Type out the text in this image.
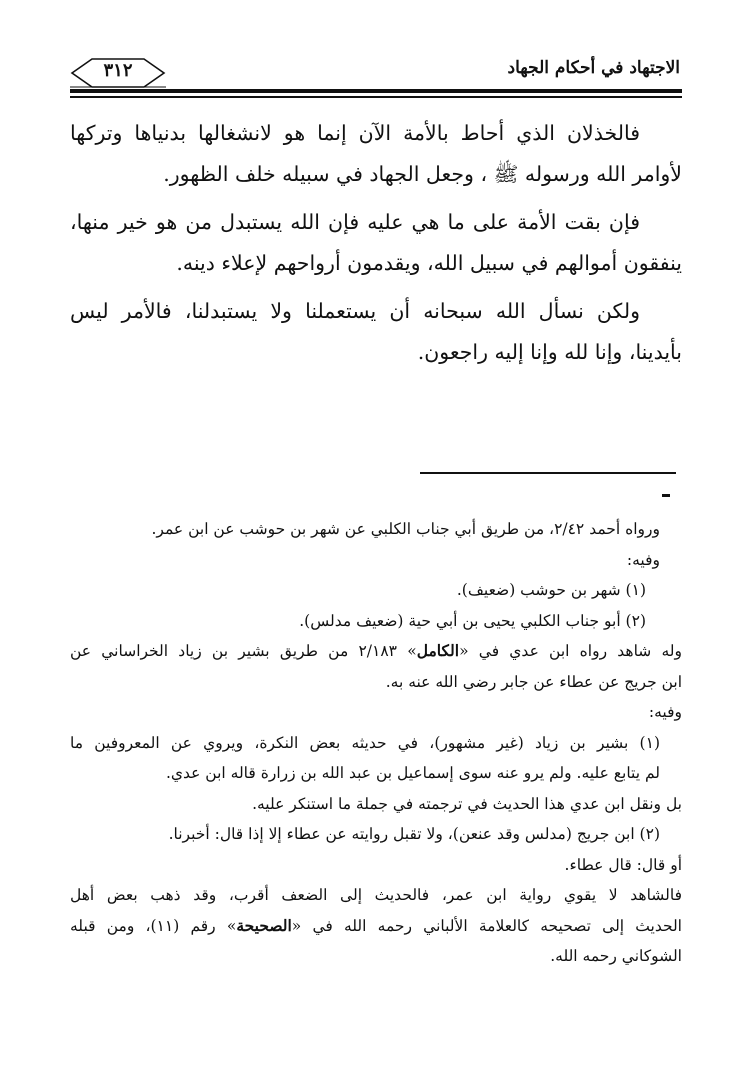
الاجتهاد في أحكام الجهاد
٣١٢

فالخذلان الذي أحاط بالأمة الآن إنما هو لانشغالها بدنياها وتركها لأوامر الله ورسوله ﷺ ، وجعل الجهاد في سبيله خلف الظهور.

فإن بقت الأمة على ما هي عليه فإن الله يستبدل من هو خير منها، ينفقون أموالهم في سبيل الله، ويقدمون أرواحهم لإعلاء دينه.

ولكن نسأل الله سبحانه أن يستعملنا ولا يستبدلنا، فالأمر ليس بأيدينا، وإنا لله وإنا إليه راجعون.

ورواه أحمد ٢/٤٢، من طريق أبي جناب الكلبي عن شهر بن حوشب عن ابن عمر.
وفيه:
(١) شهر بن حوشب (ضعيف).
(٢) أبو جناب الكلبي يحيى بن أبي حية (ضعيف مدلس).
وله شاهد رواه ابن عدي في «الكامل» ٢/١٨٣ من طريق بشير بن زياد الخراساني عن
ابن جريج عن عطاء عن جابر رضي الله عنه به.
وفيه:
(١) بشير بن زياد (غير مشهور)، في حديثه بعض النكرة، ويروي عن المعروفين ما
لم يتابع عليه. ولم يرو عنه سوى إسماعيل بن عبد الله بن زرارة قاله ابن عدي.
بل ونقل ابن عدي هذا الحديث في ترجمته في جملة ما استنكر عليه.
(٢) ابن جريج (مدلس وقد عنعن)، ولا تقبل روايته عن عطاء إلا إذا قال: أخبرنا.
أو قال: قال عطاء.
فالشاهد لا يقوي رواية ابن عمر، فالحديث إلى الضعف أقرب، وقد ذهب بعض أهل
الحديث إلى تصحيحه كالعلامة الألباني رحمه الله في «الصحيحة» رقم (١١)، ومن قبله
الشوكاني رحمه الله.
